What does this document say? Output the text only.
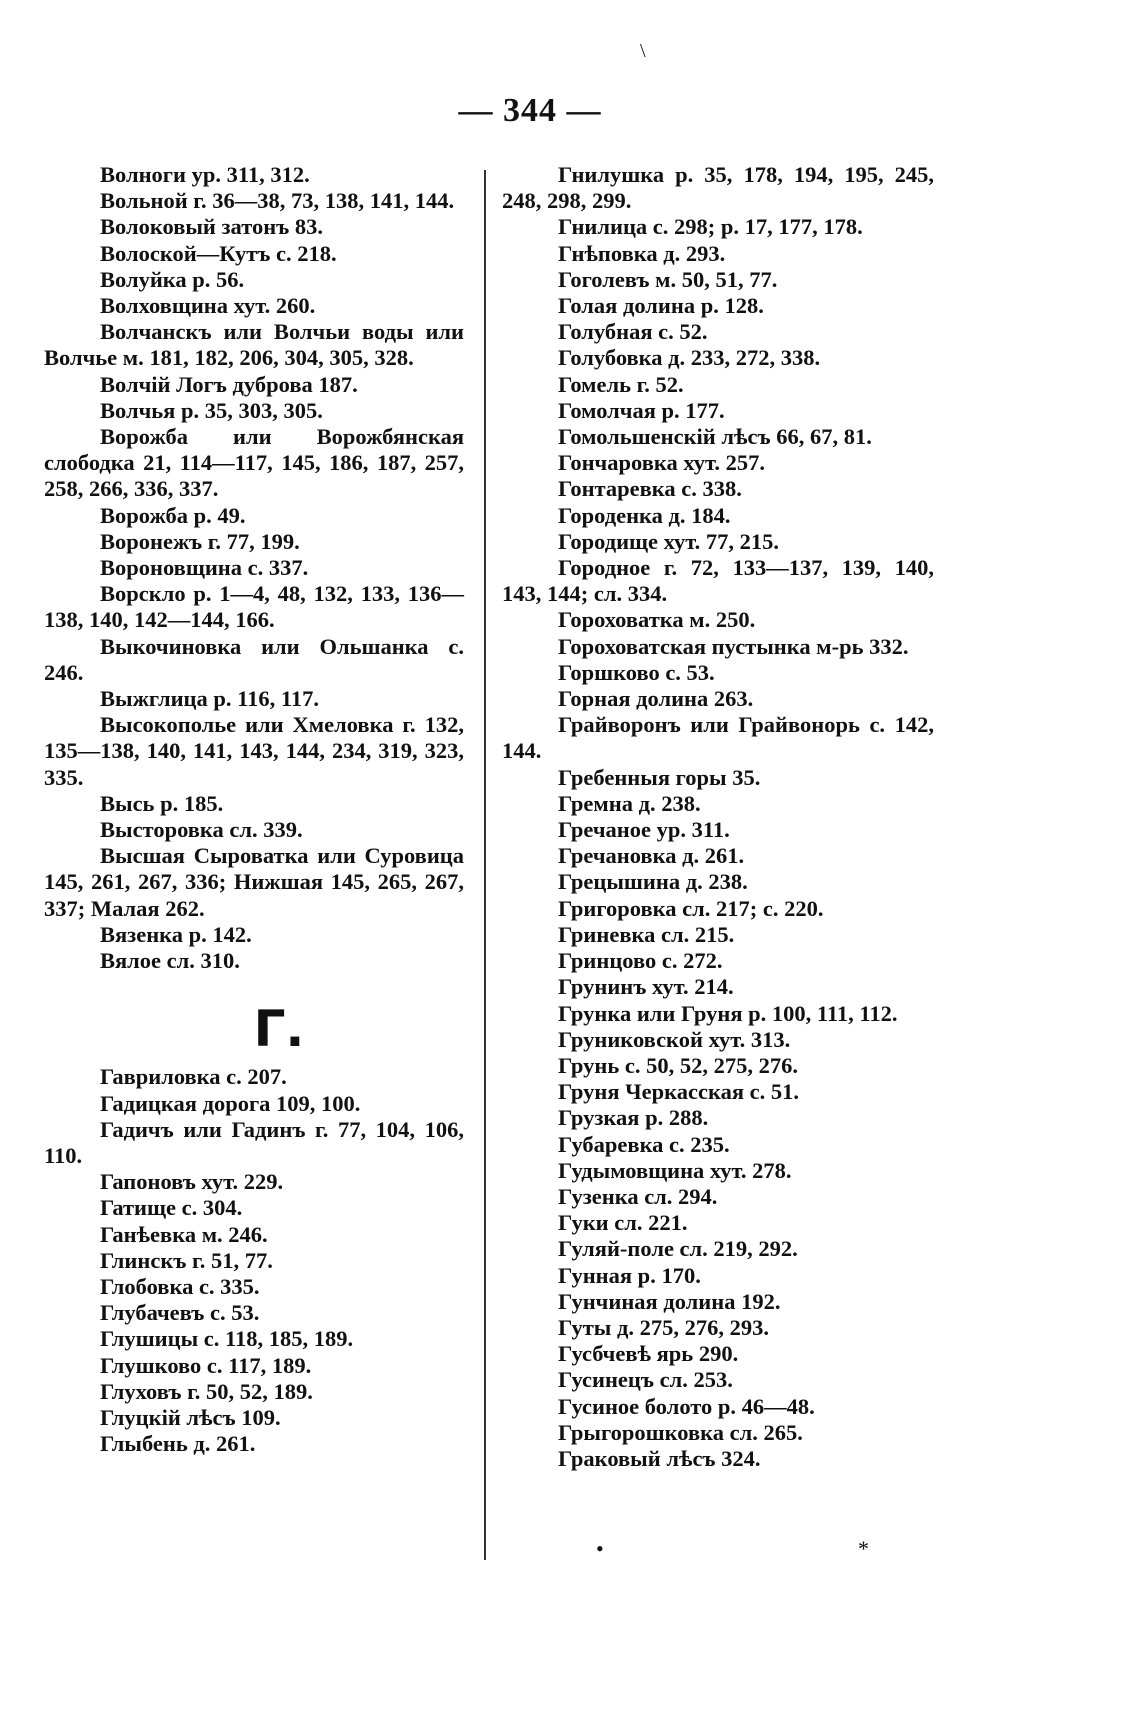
\
— 344 —
Волноги ур. 311, 312.
Вольной г. 36—38, 73, 138, 141, 144.
Волоковый затонъ 83.
Волоской—Кутъ с. 218.
Волуйка р. 56.
Волховщина хут. 260.
Волчанскъ или Волчьи воды или Волчье м. 181, 182, 206, 304, 305, 328.
Волчій Логъ дуброва 187.
Волчья р. 35, 303, 305.
Ворожба или Ворожбянская слободка 21, 114—117, 145, 186, 187, 257, 258, 266, 336, 337.
Ворожба р. 49.
Воронежъ г. 77, 199.
Вороновщина с. 337.
Ворскло р. 1—4, 48, 132, 133, 136—138, 140, 142—144, 166.
Выкочиновка или Ольшанка с. 246.
Выжглица р. 116, 117.
Высокополье или Хмеловка г. 132, 135—138, 140, 141, 143, 144, 234, 319, 323, 335.
Высь р. 185.
Выcторовка сл. 339.
Высшая Сыроватка или Суровица 145, 261, 267, 336; Нижшая 145, 265, 267, 337; Малая 262.
Вязенка р. 142.
Вялое сл. 310.
Г.
Гавриловка с. 207.
Гадицкая дорога 109, 100.
Гадичъ или Гадинъ г. 77, 104, 106, 110.
Гапоновъ хут. 229.
Гатище с. 304.
Ганѣевка м. 246.
Глинскъ г. 51, 77.
Глобовка с. 335.
Глубачевъ с. 53.
Глушицы с. 118, 185, 189.
Глушково с. 117, 189.
Глуховъ г. 50, 52, 189.
Глуцкій лѣсъ 109.
Глыбень д. 261.
Гнилушка р. 35, 178, 194, 195, 245, 248, 298, 299.
Гнилица с. 298; р. 17, 177, 178.
Гнѣповка д. 293.
Гоголевъ м. 50, 51, 77.
Голая долина р. 128.
Голубная с. 52.
Голубовка д. 233, 272, 338.
Гомель г. 52.
Гомолчая р. 177.
Гомольшенскій лѣсъ 66, 67, 81.
Гончаровка хут. 257.
Гонтаревка с. 338.
Городенка д. 184.
Городище хут. 77, 215.
Городное г. 72, 133—137, 139, 140, 143, 144; сл. 334.
Гороховатка м. 250.
Гороховатская пустынка м-рь 332.
Горшково с. 53.
Горная долина 263.
Грайворонъ или Грайвонорь с. 142, 144.
Гребенныя горы 35.
Гремна д. 238.
Гречаное ур. 311.
Гречановка д. 261.
Грецышина д. 238.
Григоровка сл. 217; с. 220.
Гриневка сл. 215.
Гринцово с. 272.
Грунинъ хут. 214.
Грунка или Груня р. 100, 111, 112.
Груниковской хут. 313.
Грунь с. 50, 52, 275, 276.
Груня Черкасская с. 51.
Грузкая р. 288.
Губаревка с. 235.
Гудымовщина хут. 278.
Гузенка сл. 294.
Гуки сл. 221.
Гуляй-поле сл. 219, 292.
Гунная р. 170.
Гунчиная долина 192.
Гуты д. 275, 276, 293.
Гусбчевѣ ярь 290.
Гусинецъ сл. 253.
Гусиное болото р. 46—48.
Грыгорошковка сл. 265.
Граковый лѣсъ 324.
•	*
